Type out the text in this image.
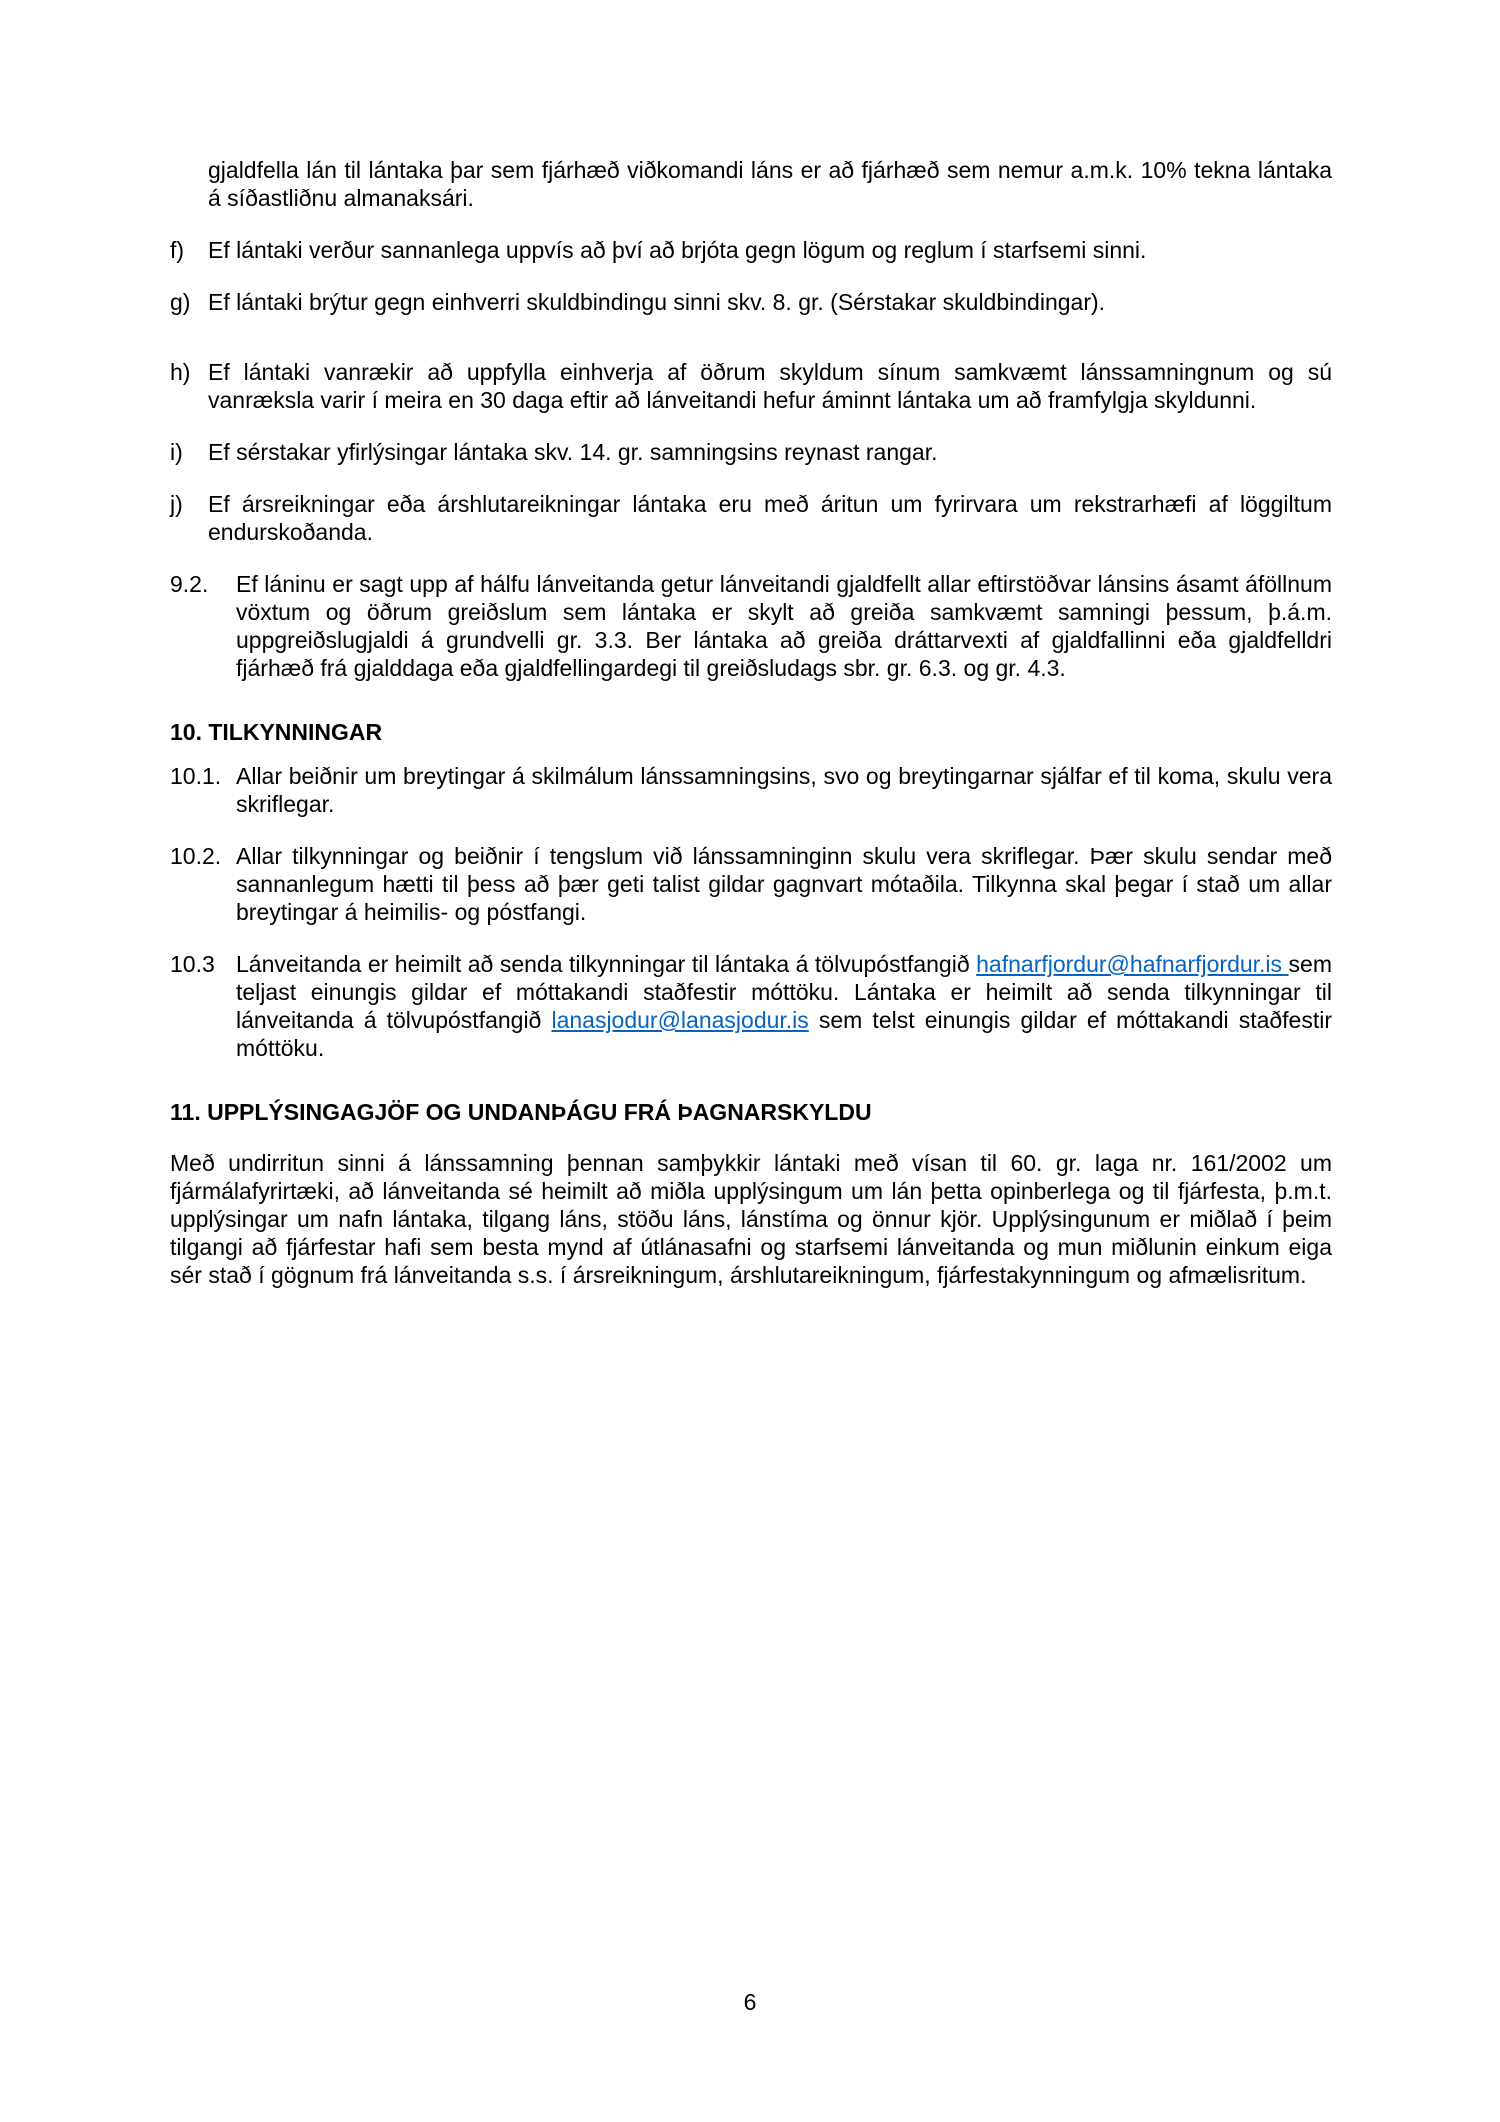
gjaldfella lán til lántaka þar sem fjárhæð viðkomandi láns er að fjárhæð sem nemur a.m.k. 10% tekna lántaka á síðastliðnu almanaksári.

f)	Ef lántaki verður sannanlega uppvís að því að brjóta gegn lögum og reglum í starfsemi sinni.
g) Ef lántaki brýtur gegn einhverri skuldbindingu sinni skv. 8. gr. (Sérstakar skuldbindingar).
h) Ef lántaki vanrækir að uppfylla einhverja af öðrum skyldum sínum samkvæmt lánssamningnum og sú vanræksla varir í meira en 30 daga eftir að lánveitandi hefur áminnt lántaka um að framfylgja skyldunni.
i)	Ef sérstakar yfirlýsingar lántaka skv. 14. gr. samningsins reynast rangar.
j)	Ef ársreikningar eða árshlutareikningar lántaka eru með áritun um fyrirvara um rekstrarhæfi af löggiltum endurskoðanda.
9.2.	Ef láninu er sagt upp af hálfu lánveitanda getur lánveitandi gjaldfellt allar eftirstöðvar lánsins ásamt áföllnum vöxtum og öðrum greiðslum sem lántaka er skylt að greiða samkvæmt samningi þessum, þ.á.m. uppgreiðslugjaldi á grundvelli gr. 3.3. Ber lántaka að greiða dráttarvexti af gjaldfallinni eða gjaldfelldri fjárhæð frá gjalddaga eða gjaldfellingardegi til greiðsludags sbr. gr. 6.3. og gr. 4.3.
10. TILKYNNINGAR
10.1. Allar beiðnir um breytingar á skilmálum lánssamningsins, svo og breytingarnar sjálfar ef til koma, skulu vera skriflegar.
10.2. Allar tilkynningar og beiðnir í tengslum við lánssamninginn skulu vera skriflegar. Þær skulu sendar með sannanlegum hætti til þess að þær geti talist gildar gagnvart mótaðila. Tilkynna skal þegar í stað um allar breytingar á heimilis- og póstfangi.
10.3 Lánveitanda er heimilt að senda tilkynningar til lántaka á tölvupóstfangið hafnarfjordur@hafnarfjordur.is sem teljast einungis gildar ef móttakandi staðfestir móttöku. Lántaka er heimilt að senda tilkynningar til lánveitanda á tölvupóstfangið lanasjodur@lanasjodur.is sem telst einungis gildar ef móttakandi staðfestir móttöku.
11. UPPLÝSINGAGJÖF OG UNDANÞÁGU FRÁ ÞAGNARSKYLDU

Með undirritun sinni á lánssamning þennan samþykkir lántaki með vísan til 60. gr. laga nr. 161/2002 um fjármálafyrirtæki, að lánveitanda sé heimilt að miðla upplýsingum um lán þetta opinberlega og til fjárfesta, þ.m.t. upplýsingar um nafn lántaka, tilgang láns, stöðu láns, lánstíma og önnur kjör. Upplýsingunum er miðlað í þeim tilgangi að fjárfestar hafi sem besta mynd af útlánasafni og starfsemi lánveitanda og mun miðlunin einkum eiga sér stað í gögnum frá lánveitanda s.s. í ársreikningum, árshlutareikningum, fjárfestakynningum og afmælisritum.

6
